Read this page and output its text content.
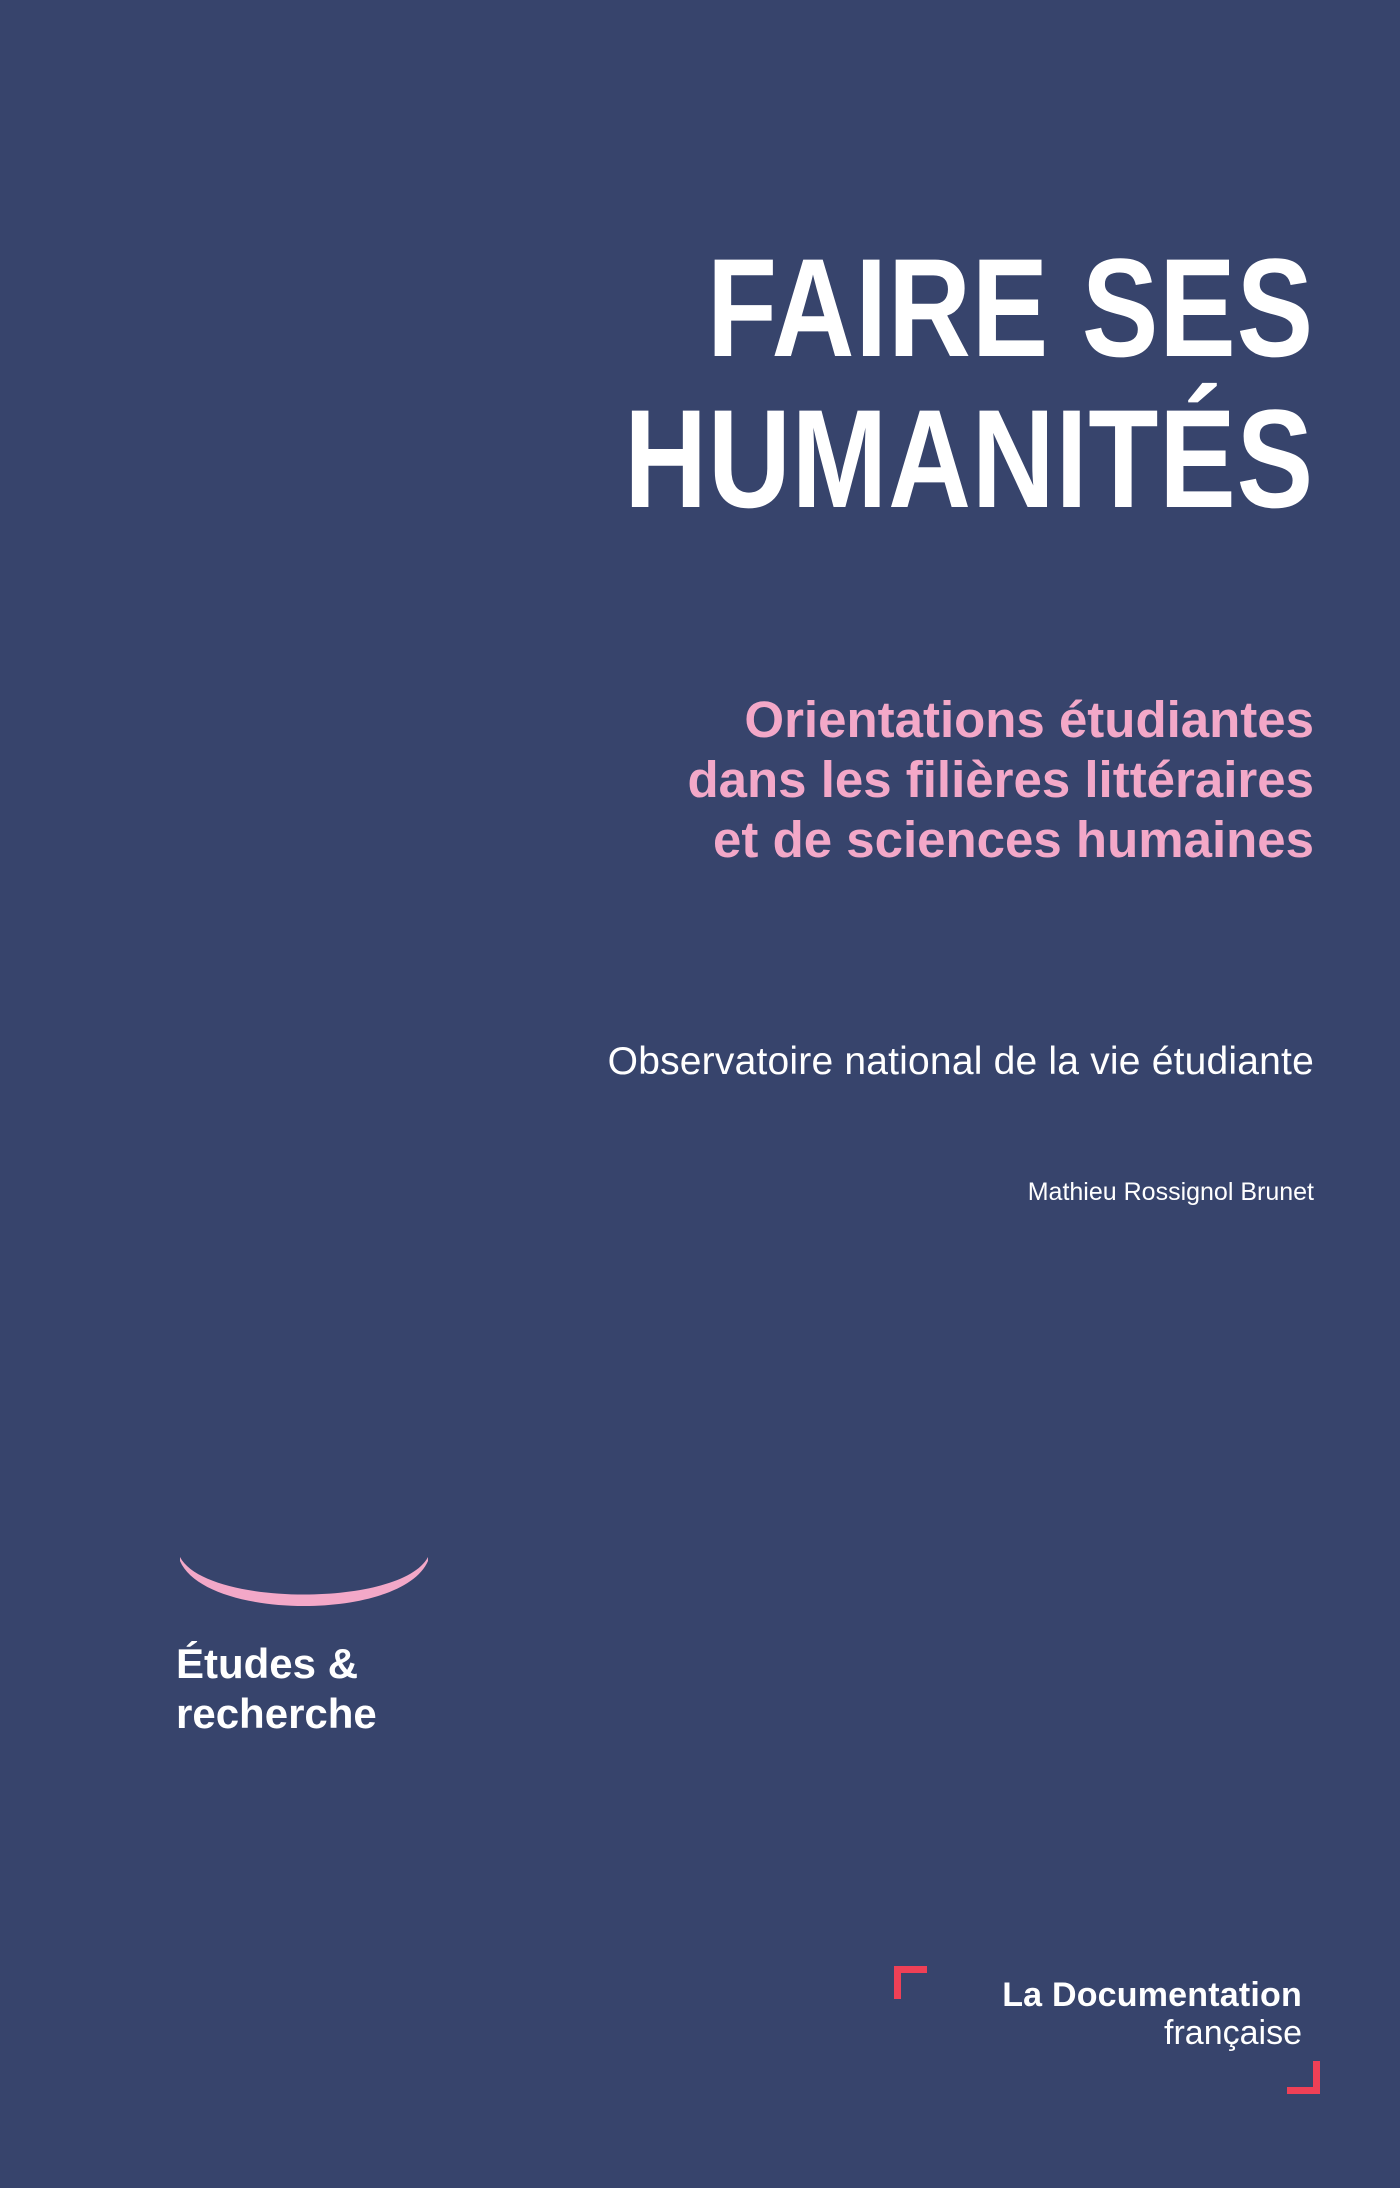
FAIRE SES
HUMANITÉS
Orientations étudiantes
dans les filières littéraires
et de sciences humaines
Observatoire national de la vie étudiante
Mathieu Rossignol Brunet
Études &
recherche
La Documentation
française
